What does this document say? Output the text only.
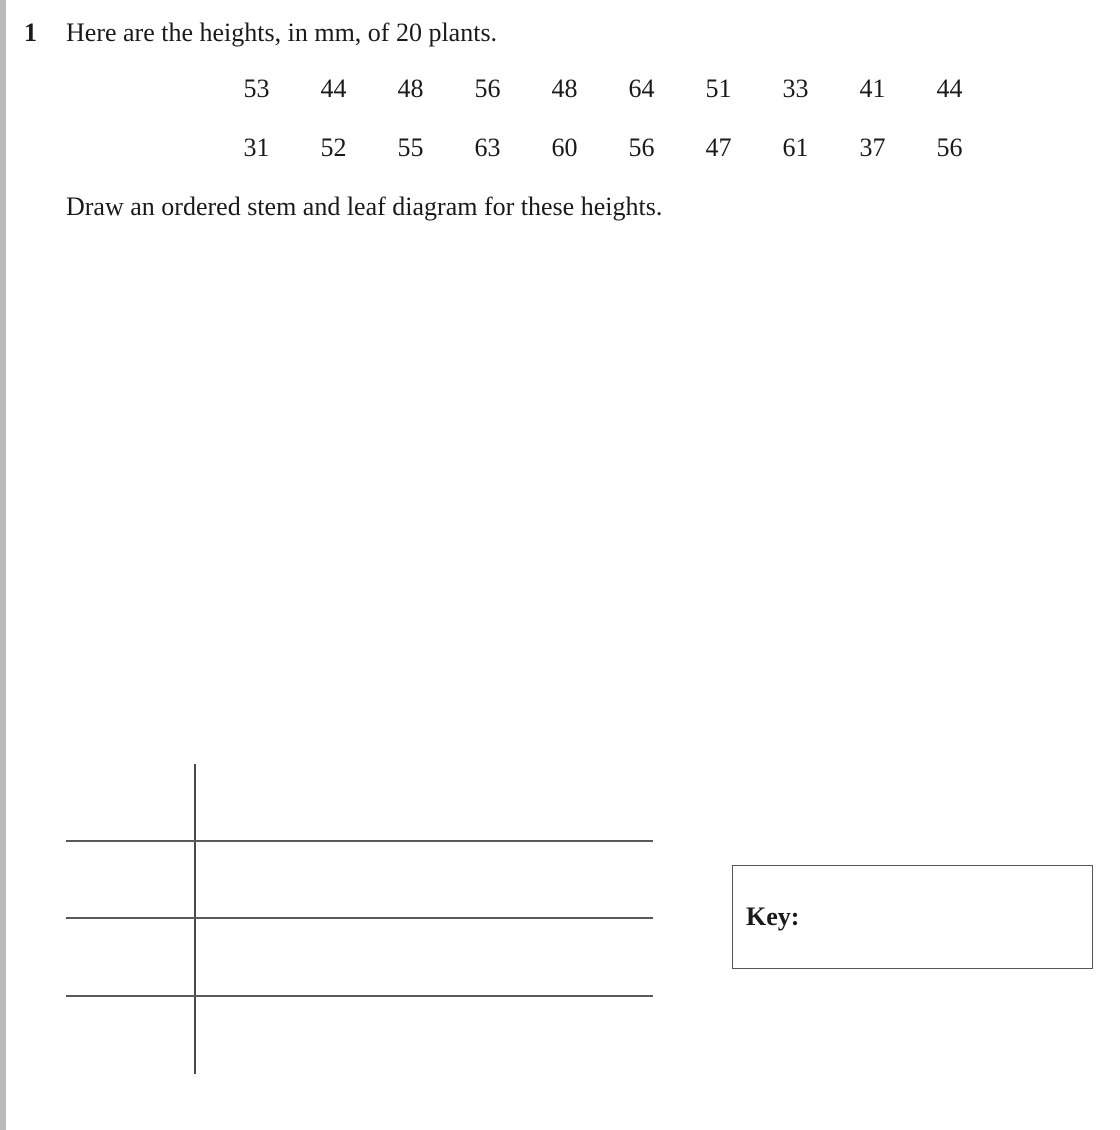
1 Here are the heights, in mm, of 20 plants.
53	44	48	56	48	64	51	33	41	44
31	52	55	63	60	56	47	61	37	56
Draw an ordered stem and leaf diagram for these heights.
Key:
